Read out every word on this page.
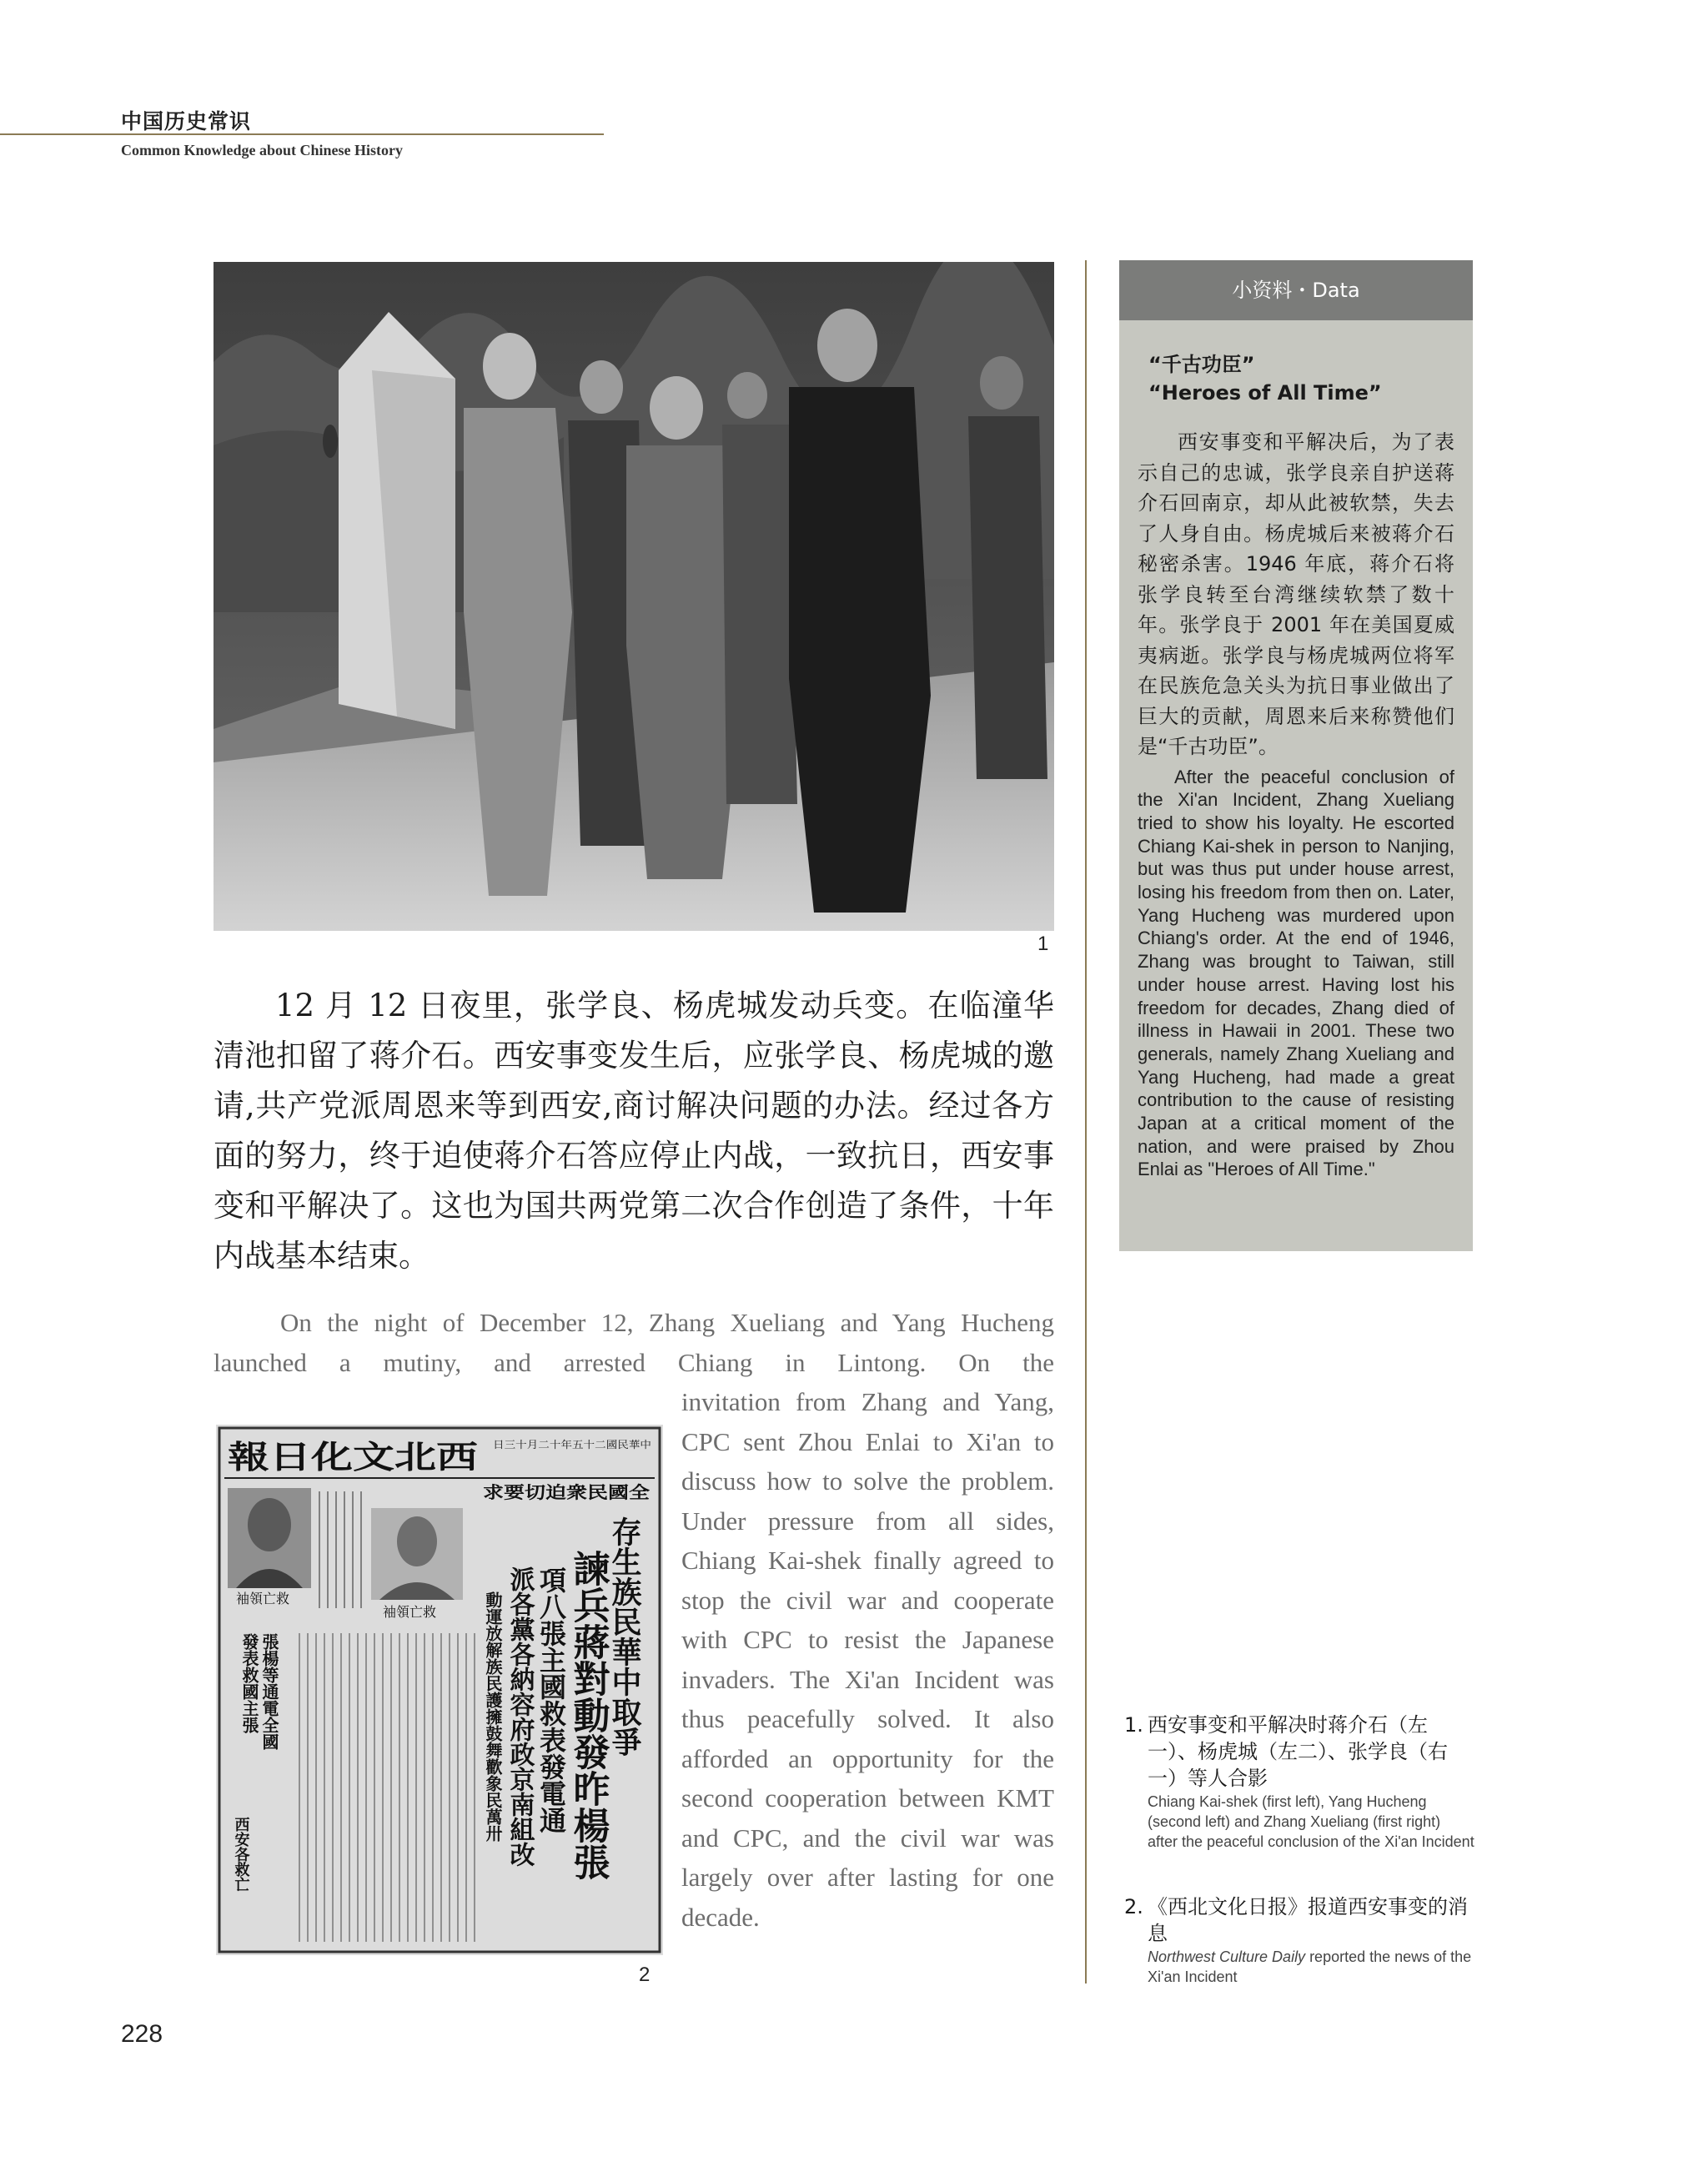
中国历史常识
Common Knowledge about Chinese History
1

12 月 12 日夜里，张学良、杨虎城发动兵变。在临潼华清池扣留了蒋介石。西安事变发生后，应张学良、杨虎城的邀请,共产党派周恩来等到西安,商讨解决问题的办法。经过各方面的努力，终于迫使蒋介石答应停止内战，一致抗日，西安事变和平解决了。这也为国共两党第二次合作创造了条件，十年内战基本结束。

On the night of December 12, Zhang Xueliang and Yang Hucheng launched a mutiny, and arrested Chiang in Lintong. On the

invitation from Zhang and Yang, CPC sent Zhou Enlai to Xi'an to discuss how to solve the problem. Under pressure from all sides, Chiang Kai-shek finally agreed to stop the civil war and cooperate with CPC to resist the Japanese invaders. The Xi'an Incident was thus peacefully solved. It also afforded an opportunity for the second cooperation between KMT and CPC, and the civil war was largely over after lasting for one decade.

報日化文北西 日三十月二十年五十二國民華中
求要切迫衆民國全
存生族民華中取爭
諫兵蔣對動發昨楊張
項八張主國救表發電通
派各黨各納容府政京南組改
動運放解族民護擁鼓舞歡象民萬卅
袖領亡救
袖領亡救
張楊等通電全國
發表救國主張
西安各救亡
2
小资料・Data
“千古功臣”
“Heroes of All Time”

西安事变和平解决后，为了表示自己的忠诚，张学良亲自护送蒋介石回南京，却从此被软禁，失去了人身自由。杨虎城后来被蒋介石秘密杀害。1946 年底，蒋介石将张学良转至台湾继续软禁了数十年。张学良于 2001 年在美国夏威夷病逝。张学良与杨虎城两位将军在民族危急关头为抗日事业做出了巨大的贡献，周恩来后来称赞他们是“千古功臣”。

After the peaceful conclusion of the Xi'an Incident, Zhang Xueliang tried to show his loyalty. He escorted Chiang Kai-shek in person to Nanjing, but was thus put under house arrest, losing his freedom from then on. Later, Yang Hucheng was murdered upon Chiang's order. At the end of 1946, Zhang was brought to Taiwan, still under house arrest. Having lost his freedom for decades, Zhang died of illness in Hawaii in 2001. These two generals, namely Zhang Xueliang and Yang Hucheng, had made a great contribution to the cause of resisting Japan at a critical moment of the nation, and were praised by Zhou Enlai as "Heroes of All Time."

1. 西安事变和平解决时蒋介石（左一）、杨虎城（左二）、张学良（右一）等人合影
Chiang Kai-shek (first left), Yang Hucheng (second left) and Zhang Xueliang (first right) after the peaceful conclusion of the Xi'an Incident
2. 《西北文化日报》报道西安事变的消息
Northwest Culture Daily reported the news of the Xi'an Incident
228
